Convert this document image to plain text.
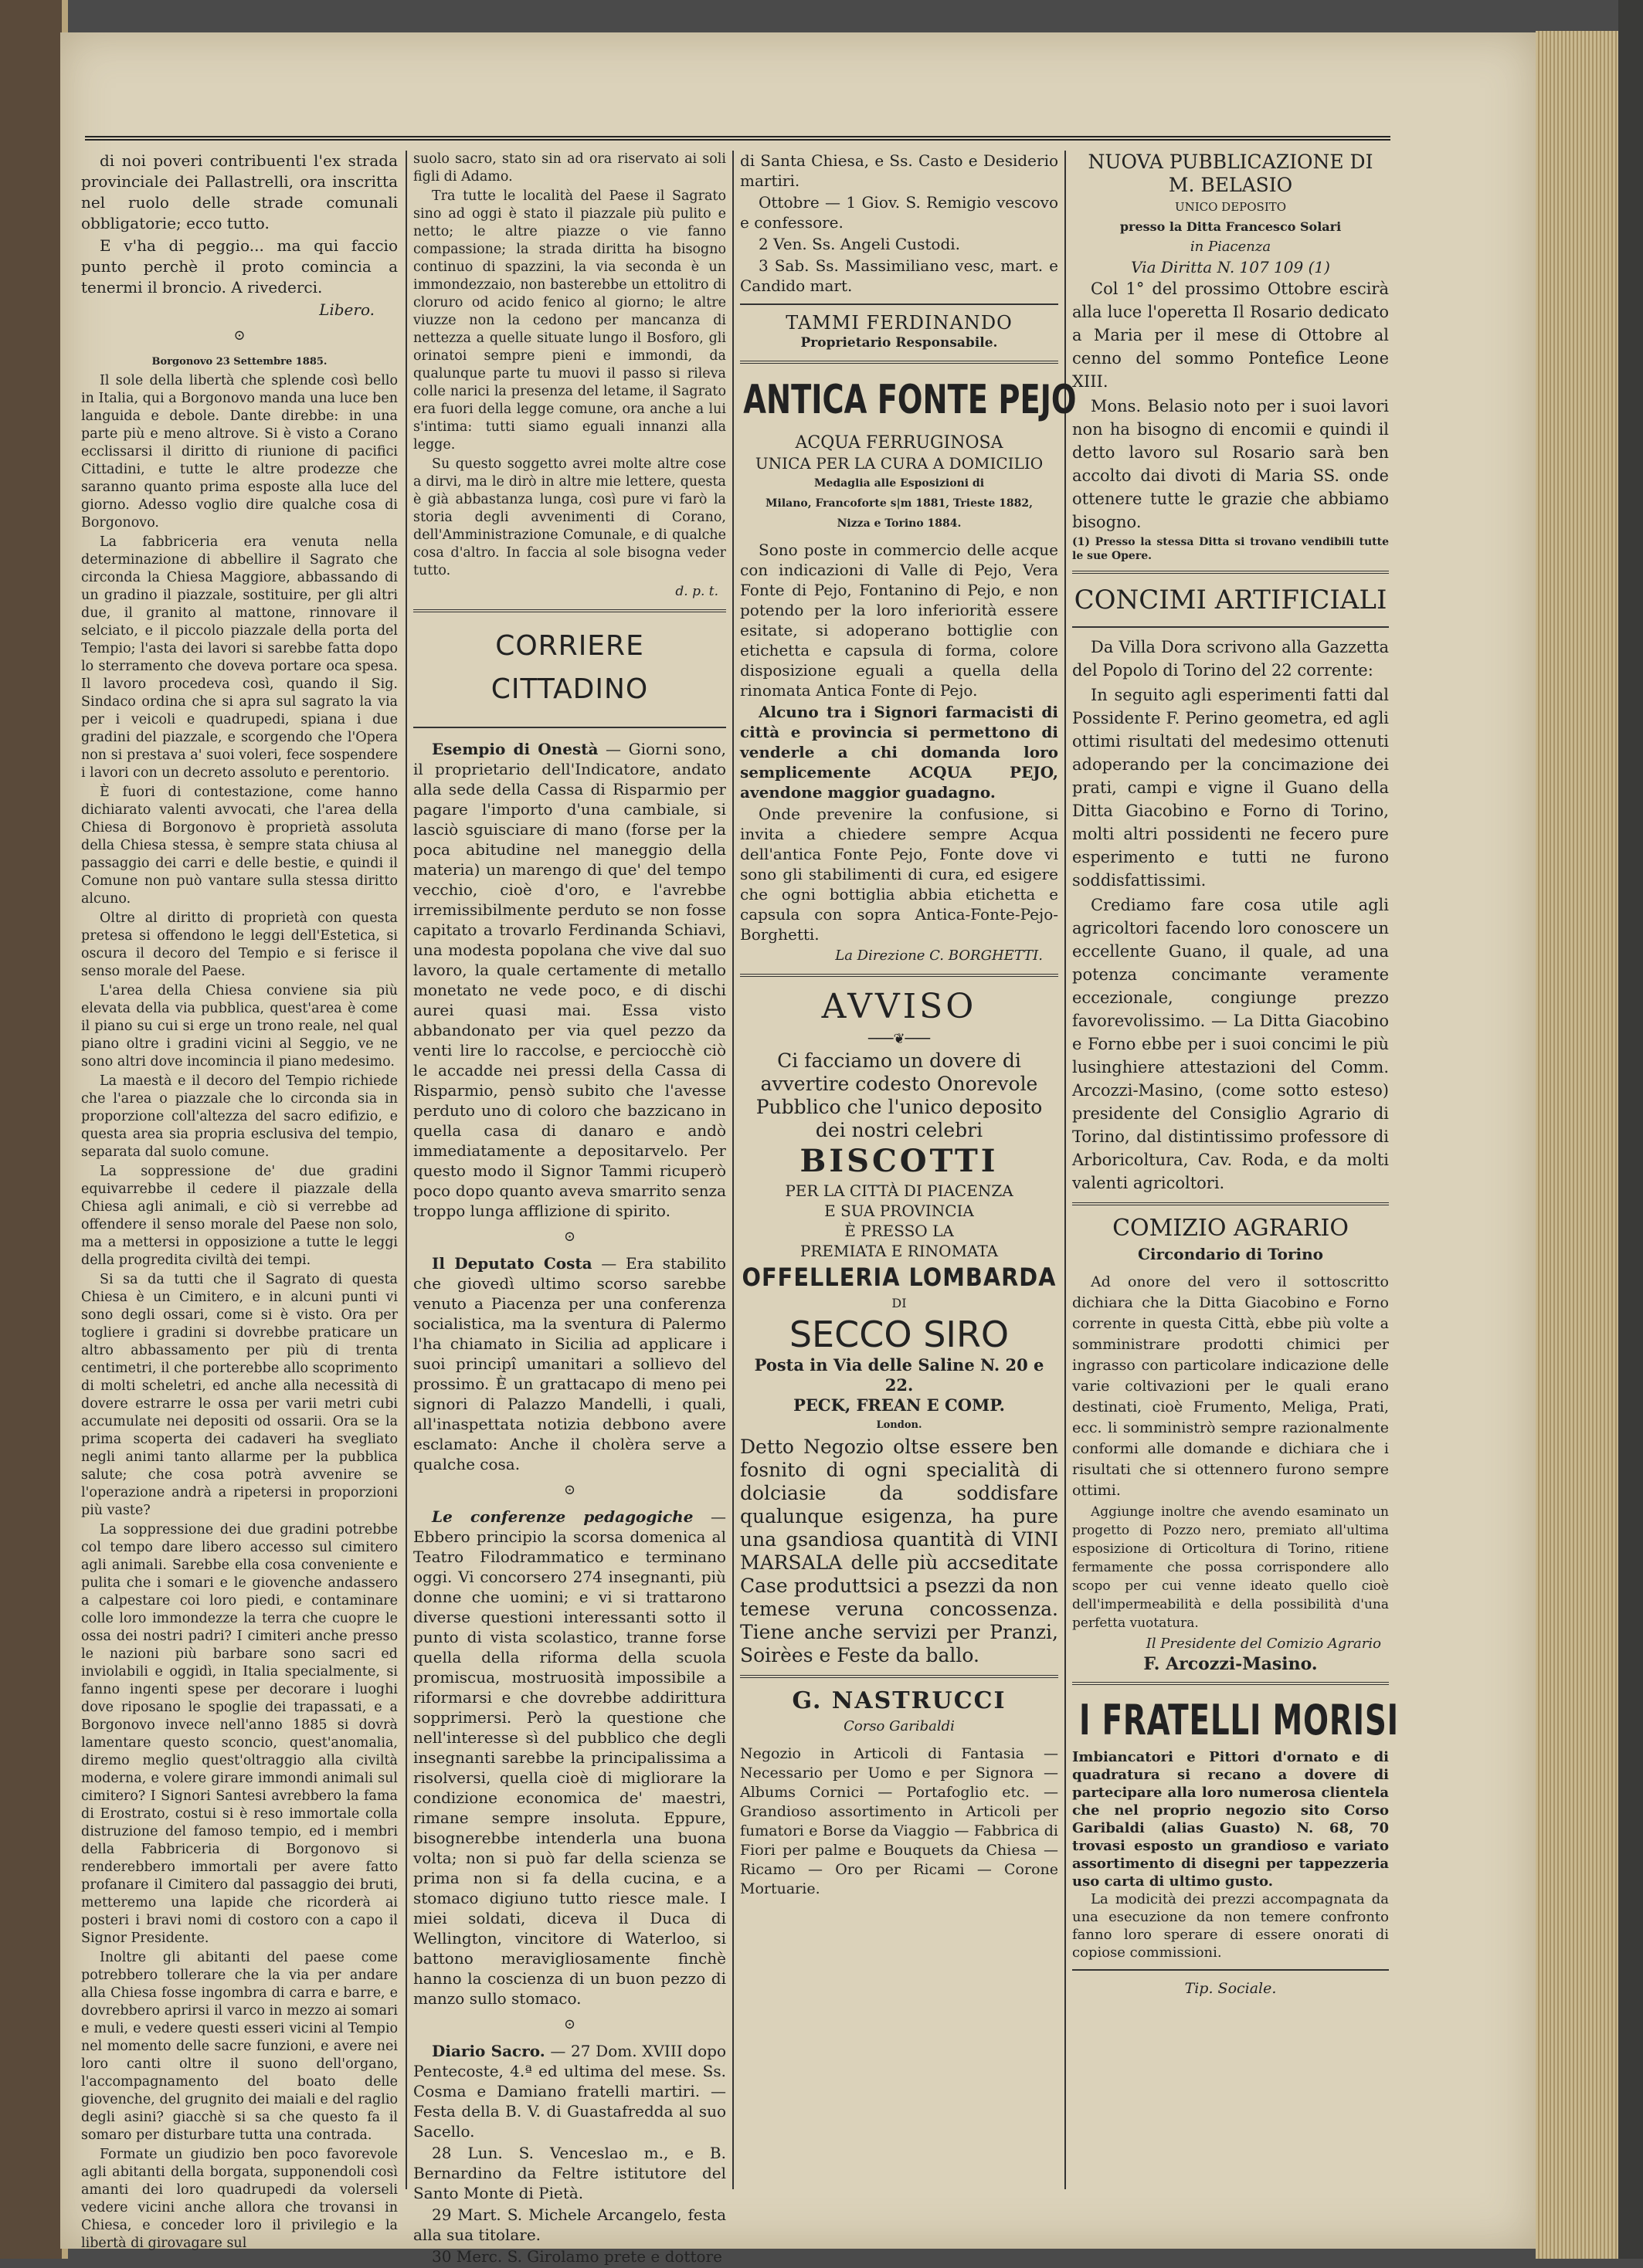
di noi poveri contribuenti l'ex strada provinciale dei Pallastrelli, ora inscritta nel ruolo delle strade comunali obbligatorie; ecco tutto.

E v'ha di peggio... ma qui faccio punto perchè il proto comincia a tenermi il broncio. A rivederci.

Libero.
⊙
Borgonovo 23 Settembre 1885.

Il sole della libertà che splende così bello in Italia, qui a Borgonovo manda una luce ben languida e debole. Dante direbbe: in una parte più e meno altrove. Si è visto a Corano ecclissarsi il diritto di riunione di pacifici Cittadini, e tutte le altre prodezze che saranno quanto prima esposte alla luce del giorno. Adesso voglio dire qualche cosa di Borgonovo.

La fabbriceria era venuta nella determinazione di abbellire il Sagrato che circonda la Chiesa Maggiore, abbassando di un gradino il piazzale, sostituire, per gli altri due, il granito al mattone, rinnovare il selciato, e il piccolo piazzale della porta del Tempio; l'asta dei lavori si sarebbe fatta dopo lo sterramento che doveva portare oca spesa. Il lavoro procedeva così, quando il Sig. Sindaco ordina che si apra sul sagrato la via per i veicoli e quadrupedi, spiana i due gradini del piazzale, e scorgendo che l'Opera non si prestava a' suoi voleri, fece sospendere i lavori con un decreto assoluto e perentorio.

È fuori di contestazione, come hanno dichiarato valenti avvocati, che l'area della Chiesa di Borgonovo è proprietà assoluta della Chiesa stessa, è sempre stata chiusa al passaggio dei carri e delle bestie, e quindi il Comune non può vantare sulla stessa diritto alcuno.

Oltre al diritto di proprietà con questa pretesa si offendono le leggi dell'Estetica, si oscura il decoro del Tempio e si ferisce il senso morale del Paese.

L'area della Chiesa conviene sia più elevata della via pubblica, quest'area è come il piano su cui si erge un trono reale, nel qual piano oltre i gradini vicini al Seggio, ve ne sono altri dove incomincia il piano medesimo.

La maestà e il decoro del Tempio richiede che l'area o piazzale che lo circonda sia in proporzione coll'altezza del sacro edifizio, e questa area sia propria esclusiva del tempio, separata dal suolo comune.

La soppressione de' due gradini equivarrebbe il cedere il piazzale della Chiesa agli animali, e ciò si verrebbe ad offendere il senso morale del Paese non solo, ma a mettersi in opposizione a tutte le leggi della progredita civiltà dei tempi.

Si sa da tutti che il Sagrato di questa Chiesa è un Cimitero, e in alcuni punti vi sono degli ossari, come si è visto. Ora per togliere i gradini si dovrebbe praticare un altro abbassamento per più di trenta centimetri, il che porterebbe allo scoprimento di molti scheletri, ed anche alla necessità di dovere estrarre le ossa per varii metri cubi accumulate nei depositi od ossarii. Ora se la prima scoperta dei cadaveri ha svegliato negli animi tanto allarme per la pubblica salute; che cosa potrà avvenire se l'operazione andrà a ripetersi in proporzioni più vaste?

La soppressione dei due gradini potrebbe col tempo dare libero accesso sul cimitero agli animali. Sarebbe ella cosa conveniente e pulita che i somari e le giovenche andassero a calpestare coi loro piedi, e contaminare colle loro immondezze la terra che cuopre le ossa dei nostri padri? I cimiteri anche presso le nazioni più barbare sono sacri ed inviolabili e oggidì, in Italia specialmente, si fanno ingenti spese per decorare i luoghi dove riposano le spoglie dei trapassati, e a Borgonovo invece nell'anno 1885 si dovrà lamentare questo sconcio, quest'anomalia, diremo meglio quest'oltraggio alla civiltà moderna, e volere girare immondi animali sul cimitero? I Signori Santesi avrebbero la fama di Erostrato, costui si è reso immortale colla distruzione del famoso tempio, ed i membri della Fabbriceria di Borgonovo si renderebbero immortali per avere fatto profanare il Cimitero dal passaggio dei bruti, metteremo una lapide che ricorderà ai posteri i bravi nomi di costoro con a capo il Signor Presidente.

Inoltre gli abitanti del paese come potrebbero tollerare che la via per andare alla Chiesa fosse ingombra di carra e barre, e dovrebbero aprirsi il varco in mezzo ai somari e muli, e vedere questi esseri vicini al Tempio nel momento delle sacre funzioni, e avere nei loro canti oltre il suono dell'organo, l'accompagnamento del boato delle giovenche, del grugnito dei maiali e del raglio degli asini? giacchè si sa che questo fa il somaro per disturbare tutta una contrada.

Formate un giudizio ben poco favorevole agli abitanti della borgata, supponendoli così amanti dei loro quadrupedi da volerseli vedere vicini anche allora che trovansi in Chiesa, e conceder loro il privilegio e la libertà di girovagare sul

suolo sacro, stato sin ad ora riservato ai soli figli di Adamo.

Tra tutte le località del Paese il Sagrato sino ad oggi è stato il piazzale più pulito e netto; le altre piazze o vie fanno compassione; la strada diritta ha bisogno continuo di spazzini, la via seconda è un immondezzaio, non basterebbe un ettolitro di cloruro od acido fenico al giorno; le altre viuzze non la cedono per mancanza di nettezza a quelle situate lungo il Bosforo, gli orinatoi sempre pieni e immondi, da qualunque parte tu muovi il passo si rileva colle narici la presenza del letame, il Sagrato era fuori della legge comune, ora anche a lui s'intima: tutti siamo eguali innanzi alla legge.

Su questo soggetto avrei molte altre cose a dirvi, ma le dirò in altre mie lettere, questa è già abbastanza lunga, così pure vi farò la storia degli avvenimenti di Corano, dell'Amministrazione Comunale, e di qualche cosa d'altro. In faccia al sole bisogna veder tutto.

d. p. t.
CORRIERE CITTADINO

Esempio di Onestà — Giorni sono, il proprietario dell'Indicatore, andato alla sede della Cassa di Risparmio per pagare l'importo d'una cambiale, si lasciò sguisciare di mano (forse per la poca abitudine nel maneggio della materia) un marengo di que' del tempo vecchio, cioè d'oro, e l'avrebbe irremissibilmente perduto se non fosse capitato a trovarlo Ferdinanda Schiavi, una modesta popolana che vive dal suo lavoro, la quale certamente di metallo monetato ne vede poco, e di dischi aurei quasi mai. Essa visto abbandonato per via quel pezzo da venti lire lo raccolse, e perciocchè ciò le accadde nei pressi della Cassa di Risparmio, pensò subito che l'avesse perduto uno di coloro che bazzicano in quella casa di danaro e andò immediatamente a depositarvelo. Per questo modo il Signor Tammi ricuperò poco dopo quanto aveva smarrito senza troppo lunga afflizione di spirito.

⊙

Il Deputato Costa — Era stabilito che giovedì ultimo scorso sarebbe venuto a Piacenza per una conferenza socialistica, ma la sventura di Palermo l'ha chiamato in Sicilia ad applicare i suoi principî umanitari a sollievo del prossimo. È un grattacapo di meno pei signori di Palazzo Mandelli, i quali, all'inaspettata notizia debbono avere esclamato: Anche il cholèra serve a qualche cosa.

⊙

Le conferenze pedagogiche — Ebbero principio la scorsa domenica al Teatro Filodrammatico e terminano oggi. Vi concorsero 274 insegnanti, più donne che uomini; e vi si trattarono diverse questioni interessanti sotto il punto di vista scolastico, tranne forse quella della riforma della scuola promiscua, mostruosità impossibile a riformarsi e che dovrebbe addirittura sopprimersi. Però la questione che nell'interesse sì del pubblico che degli insegnanti sarebbe la principalissima a risolversi, quella cioè di migliorare la condizione economica de' maestri, rimane sempre insoluta. Eppure, bisognerebbe intenderla una buona volta; non si può far della scienza se prima non si fa della cucina, e a stomaco digiuno tutto riesce male. I miei soldati, diceva il Duca di Wellington, vincitore di Waterloo, si battono meravigliosamente finchè hanno la coscienza di un buon pezzo di manzo sullo stomaco.

⊙

Diario Sacro. — 27 Dom. XVIII dopo Pentecoste, 4.ª ed ultima del mese. Ss. Cosma e Damiano fratelli martiri. — Festa della B. V. di Guastafredda al suo Sacello.

28 Lun. S. Venceslao m., e B. Bernardino da Feltre istitutore del Santo Monte di Pietà.

29 Mart. S. Michele Arcangelo, festa alla sua titolare.

30 Merc. S. Girolamo prete e dottore

di Santa Chiesa, e Ss. Casto e Desiderio martiri.

Ottobre — 1 Giov. S. Remigio vescovo e confessore.

2 Ven. Ss. Angeli Custodi.

3 Sab. Ss. Massimiliano vesc, mart. e Candido mart.

TAMMI FERDINANDO
Proprietario Responsabile.
ANTICA FONTE PEJO
ACQUA FERRUGINOSA
UNICA PER LA CURA A DOMICILIO
Medaglia alle Esposizioni di
Milano, Francoforte s|m 1881, Trieste 1882,
Nizza e Torino 1884.

Sono poste in commercio delle acque con indicazioni di Valle di Pejo, Vera Fonte di Pejo, Fontanino di Pejo, e non potendo per la loro inferiorità essere esitate, si adoperano bottiglie con etichetta e capsula di forma, colore disposizione eguali a quella della rinomata Antica Fonte di Pejo.

Alcuno tra i Signori farmacisti di città e provincia si permettono di venderle a chi domanda loro semplicemente ACQUA PEJO, avendone maggior guadagno.

Onde prevenire la confusione, si invita a chiedere sempre Acqua dell'antica Fonte Pejo, Fonte dove vi sono gli stabilimenti di cura, ed esigere che ogni bottiglia abbia etichetta e capsula con sopra Antica-Fonte-Pejo-Borghetti.

La Direzione C. BORGHETTI.
AVVISO
───❦───
Ci facciamo un dovere di avvertire codesto Onorevole Pubblico che l'unico deposito dei nostri celebri
BISCOTTI
PER LA CITTÀ DI PIACENZA
E SUA PROVINCIA
È PRESSO LA
PREMIATA E RINOMATA
OFFELLERIA LOMBARDA
DI
SECCO SIRO
Posta in Via delle Saline N. 20 e 22.
PECK, FREAN E COMP.
London.
Detto Negozio oltse essere ben fosnito di ogni specialità di dolciasie da soddisfare qualunque esigenza, ha pure una gsandiosa quantità di VINI MARSALA delle più accseditate Case produttsici a psezzi da non temese veruna concossenza. Tiene anche servizi per Pranzi, Soirèes e Feste da ballo.
G. NASTRUCCI
Corso Garibaldi
Negozio in Articoli di Fantasia — Necessario per Uomo e per Signora — Albums Cornici — Portafoglio etc. — Grandioso assortimento in Articoli per fumatori e Borse da Viaggio — Fabbrica di Fiori per palme e Bouquets da Chiesa — Ricamo — Oro per Ricami — Corone Mortuarie.
NUOVA PUBBLICAZIONE DI M. BELASIO
UNICO DEPOSITO
presso la Ditta Francesco Solari
in Piacenza
Via Diritta N. 107 109 (1)

Col 1° del prossimo Ottobre escirà alla luce l'operetta Il Rosario dedicato a Maria per il mese di Ottobre al cenno del sommo Pontefice Leone XIII.

Mons. Belasio noto per i suoi lavori non ha bisogno di encomii e quindi il detto lavoro sul Rosario sarà ben accolto dai divoti di Maria SS. onde ottenere tutte le grazie che abbiamo bisogno.

(1) Presso la stessa Ditta si trovano vendibili tutte le sue Opere.
CONCIMI ARTIFICIALI

Da Villa Dora scrivono alla Gazzetta del Popolo di Torino del 22 corrente:

In seguito agli esperimenti fatti dal Possidente F. Perino geometra, ed agli ottimi risultati del medesimo ottenuti adoperando per la concimazione dei prati, campi e vigne il Guano della Ditta Giacobino e Forno di Torino, molti altri possidenti ne fecero pure esperimento e tutti ne furono soddisfattissimi.

Crediamo fare cosa utile agli agricoltori facendo loro conoscere un eccellente Guano, il quale, ad una potenza concimante veramente eccezionale, congiunge prezzo favorevolissimo. — La Ditta Giacobino e Forno ebbe per i suoi concimi le più lusinghiere attestazioni del Comm. Arcozzi-Masino, (come sotto esteso) presidente del Consiglio Agrario di Torino, dal distintissimo professore di Arboricoltura, Cav. Roda, e da molti valenti agricoltori.

COMIZIO AGRARIO
Circondario di Torino

Ad onore del vero il sottoscritto dichiara che la Ditta Giacobino e Forno corrente in questa Città, ebbe più volte a somministrare prodotti chimici per ingrasso con particolare indicazione delle varie coltivazioni per le quali erano destinati, cioè Frumento, Meliga, Prati, ecc. li somministrò sempre razionalmente conformi alle domande e dichiara che i risultati che si ottennero furono sempre ottimi.

Aggiunge inoltre che avendo esaminato un progetto di Pozzo nero, premiato all'ultima esposizione di Orticoltura di Torino, ritiene fermamente che possa corrispondere allo scopo per cui venne ideato quello cioè dell'impermeabilità e della possibilità d'una perfetta vuotatura.

Il Presidente del Comizio Agrario
F. Arcozzi-Masino.
I FRATELLI MORISI
Imbiancatori e Pittori d'ornato e di quadratura si recano a dovere di partecipare alla loro numerosa clientela che nel proprio negozio sito Corso Garibaldi (alias Guasto) N. 68, 70 trovasi esposto un grandioso e variato assortimento di disegni per tappezzeria uso carta di ultimo gusto.

La modicità dei prezzi accompagnata da una esecuzione da non temere confronto fanno loro sperare di essere onorati di copiose commissioni.

Tip. Sociale.
